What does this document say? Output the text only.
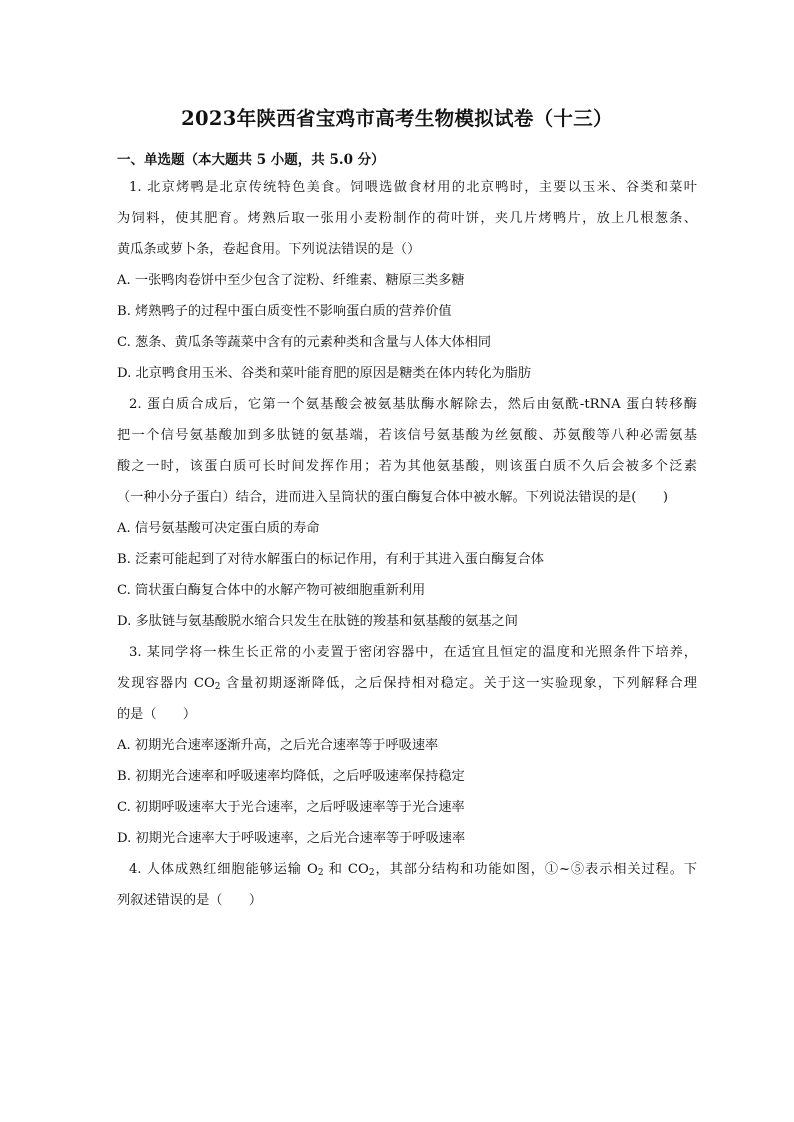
2023年陕西省宝鸡市高考生物模拟试卷（十三）
一、单选题（本大题共 5 小题，共 5.0 分）
1. 北京烤鸭是北京传统特色美食。饲喂选做食材用的北京鸭时，主要以玉米、谷类和菜叶
为饲料，使其肥育。烤熟后取一张用小麦粉制作的荷叶饼，夹几片烤鸭片，放上几根葱条、
黄瓜条或萝卜条，卷起食用。下列说法错误的是（）
A. 一张鸭肉卷饼中至少包含了淀粉、纤维素、糖原三类多糖
B. 烤熟鸭子的过程中蛋白质变性不影响蛋白质的营养价值
C. 葱条、黄瓜条等蔬菜中含有的元素种类和含量与人体大体相同
D. 北京鸭食用玉米、谷类和菜叶能育肥的原因是糖类在体内转化为脂肪
2. 蛋白质合成后，它第一个氨基酸会被氨基肽酶水解除去，然后由氨酰-tRNA 蛋白转移酶
把一个信号氨基酸加到多肽链的氨基端，若该信号氨基酸为丝氨酸、苏氨酸等八种必需氨基
酸之一时，该蛋白质可长时间发挥作用；若为其他氨基酸，则该蛋白质不久后会被多个泛素
（一种小分子蛋白）结合，进而进入呈筒状的蛋白酶复合体中被水解。下列说法错误的是(　　)
A. 信号氨基酸可决定蛋白质的寿命
B. 泛素可能起到了对待水解蛋白的标记作用，有利于其进入蛋白酶复合体
C. 筒状蛋白酶复合体中的水解产物可被细胞重新利用
D. 多肽链与氨基酸脱水缩合只发生在肽链的羧基和氨基酸的氨基之间
3. 某同学将一株生长正常的小麦置于密闭容器中，在适宜且恒定的温度和光照条件下培养，
发现容器内 $CO_2$ 含量初期逐渐降低，之后保持相对稳定。关于这一实验现象，下列解释合理
的是（　　）
A. 初期光合速率逐渐升高，之后光合速率等于呼吸速率
B. 初期光合速率和呼吸速率均降低，之后呼吸速率保持稳定
C. 初期呼吸速率大于光合速率，之后呼吸速率等于光合速率
D. 初期光合速率大于呼吸速率，之后光合速率等于呼吸速率
4. 人体成熟红细胞能够运输 $O_2$ 和 $CO_2$，其部分结构和功能如图，①~⑤表示相关过程。下
列叙述错误的是（　　）
